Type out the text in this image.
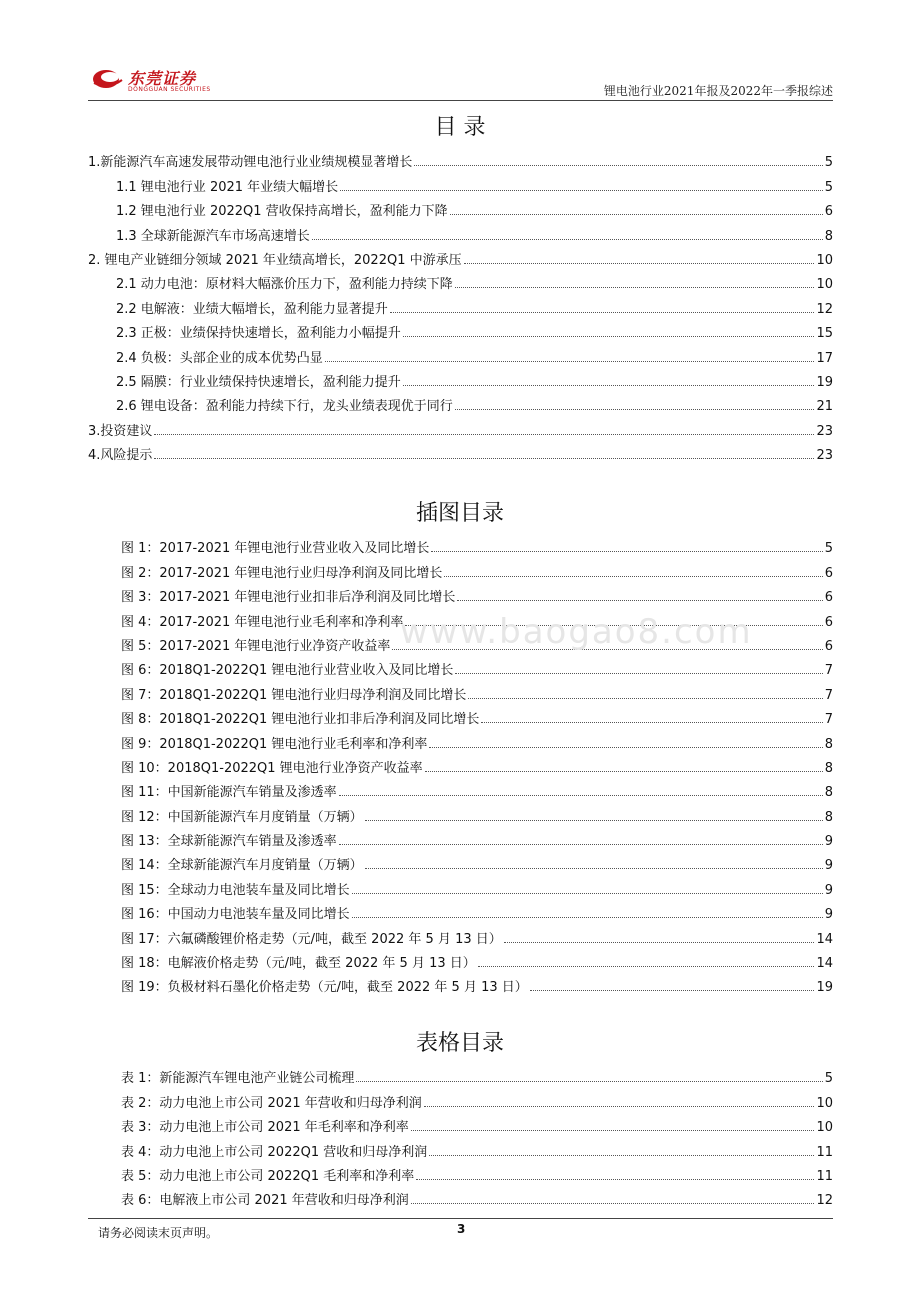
东莞证券
DONGGUAN SECURITIES	锂电池行业2021年报及2022年一季报综述
目 录
1.新能源汽车高速发展带动锂电池行业业绩规模显著增长	5
1.1 锂电池行业 2021 年业绩大幅增长	5
1.2 锂电池行业 2022Q1 营收保持高增长，盈利能力下降	6
1.3 全球新能源汽车市场高速增长	8
2. 锂电产业链细分领域 2021 年业绩高增长，2022Q1 中游承压	10
2.1 动力电池：原材料大幅涨价压力下，盈利能力持续下降	10
2.2 电解液：业绩大幅增长，盈利能力显著提升	12
2.3 正极：业绩保持快速增长，盈利能力小幅提升	15
2.4 负极：头部企业的成本优势凸显	17
2.5 隔膜：行业业绩保持快速增长，盈利能力提升	19
2.6 锂电设备：盈利能力持续下行，龙头业绩表现优于同行	21
3.投资建议	23
4.风险提示	23
插图目录
图 1：2017-2021 年锂电池行业营业收入及同比增长	5
图 2：2017-2021 年锂电池行业归母净利润及同比增长	6
图 3：2017-2021 年锂电池行业扣非后净利润及同比增长	6
图 4：2017-2021 年锂电池行业毛利率和净利率	6
图 5：2017-2021 年锂电池行业净资产收益率	6
图 6：2018Q1-2022Q1 锂电池行业营业收入及同比增长	7
图 7：2018Q1-2022Q1 锂电池行业归母净利润及同比增长	7
图 8：2018Q1-2022Q1 锂电池行业扣非后净利润及同比增长	7
图 9：2018Q1-2022Q1 锂电池行业毛利率和净利率	8
图 10：2018Q1-2022Q1 锂电池行业净资产收益率	8
图 11：中国新能源汽车销量及渗透率	8
图 12：中国新能源汽车月度销量（万辆）	8
图 13：全球新能源汽车销量及渗透率	9
图 14：全球新能源汽车月度销量（万辆）	9
图 15：全球动力电池装车量及同比增长	9
图 16：中国动力电池装车量及同比增长	9
图 17：六氟磷酸锂价格走势（元/吨，截至 2022 年 5 月 13 日）	14
图 18：电解液价格走势（元/吨，截至 2022 年 5 月 13 日）	14
图 19：负极材料石墨化价格走势（元/吨，截至 2022 年 5 月 13 日）	19
表格目录
表 1：新能源汽车锂电池产业链公司梳理	5
表 2：动力电池上市公司 2021 年营收和归母净利润	10
表 3：动力电池上市公司 2021 年毛利率和净利率	10
表 4：动力电池上市公司 2022Q1 营收和归母净利润	11
表 5：动力电池上市公司 2022Q1 毛利率和净利率	11
表 6：电解液上市公司 2021 年营收和归母净利润	12
www.baogao8.com
请务必阅读末页声明。	3
